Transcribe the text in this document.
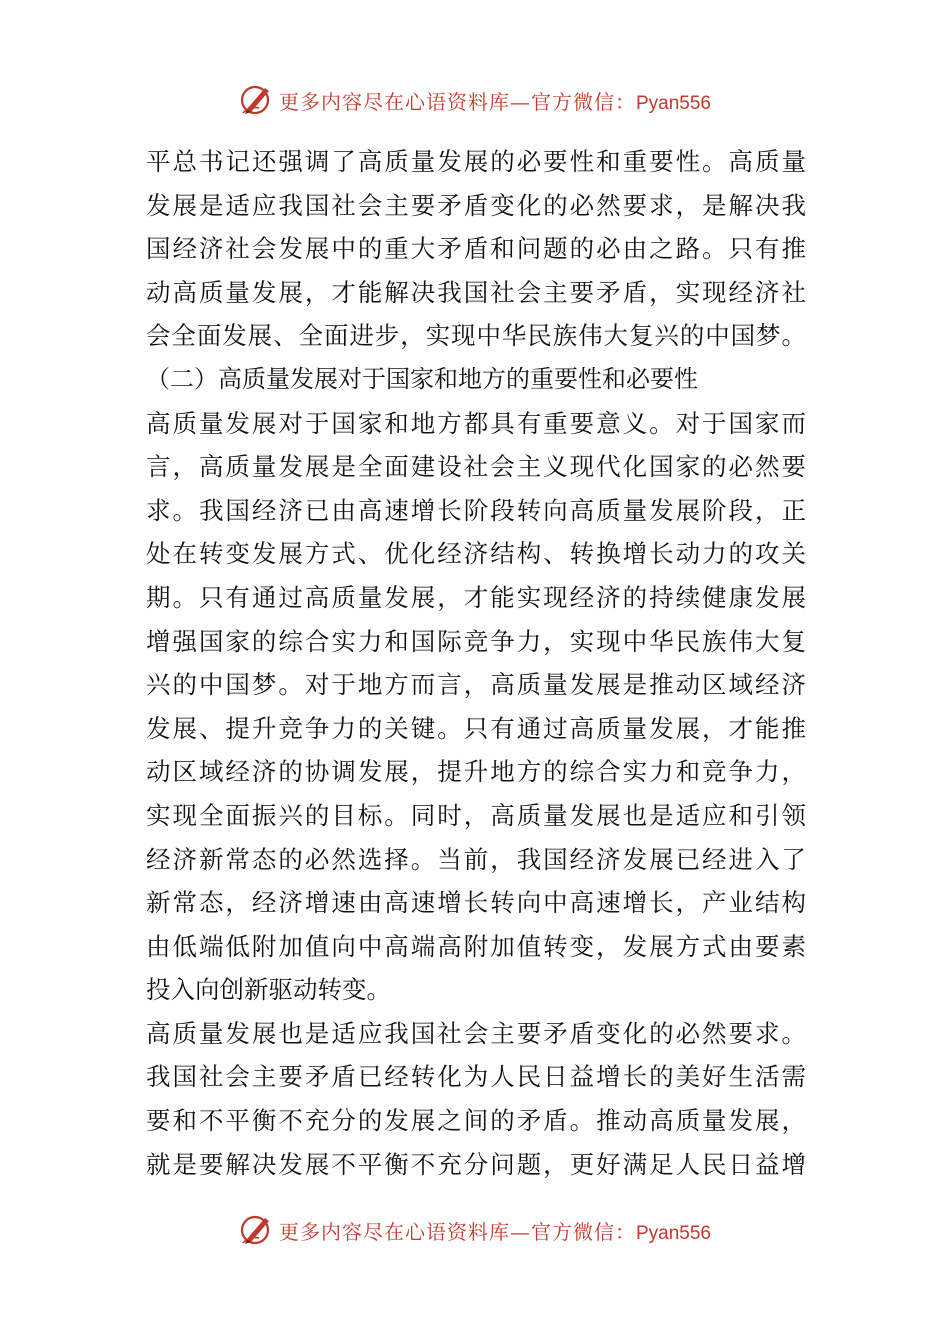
更多内容尽在心语资料库—官方微信：Pyan556
平总书记还强调了高质量发展的必要性和重要性。高质量
发展是适应我国社会主要矛盾变化的必然要求，是解决我
国经济社会发展中的重大矛盾和问题的必由之路。只有推
动高质量发展，才能解决我国社会主要矛盾，实现经济社
会全面发展、全面进步，实现中华民族伟大复兴的中国梦。
（二）高质量发展对于国家和地方的重要性和必要性
高质量发展对于国家和地方都具有重要意义。对于国家而
言，高质量发展是全面建设社会主义现代化国家的必然要
求。我国经济已由高速增长阶段转向高质量发展阶段，正
处在转变发展方式、优化经济结构、转换增长动力的攻关
期。只有通过高质量发展，才能实现经济的持续健康发展
增强国家的综合实力和国际竞争力，实现中华民族伟大复
兴的中国梦。对于地方而言，高质量发展是推动区域经济
发展、提升竞争力的关键。只有通过高质量发展，才能推
动区域经济的协调发展，提升地方的综合实力和竞争力，
实现全面振兴的目标。同时，高质量发展也是适应和引领
经济新常态的必然选择。当前，我国经济发展已经进入了
新常态，经济增速由高速增长转向中高速增长，产业结构
由低端低附加值向中高端高附加值转变，发展方式由要素
投入向创新驱动转变。
高质量发展也是适应我国社会主要矛盾变化的必然要求。
我国社会主要矛盾已经转化为人民日益增长的美好生活需
要和不平衡不充分的发展之间的矛盾。推动高质量发展，
就是要解决发展不平衡不充分问题，更好满足人民日益增
更多内容尽在心语资料库—官方微信：Pyan556
